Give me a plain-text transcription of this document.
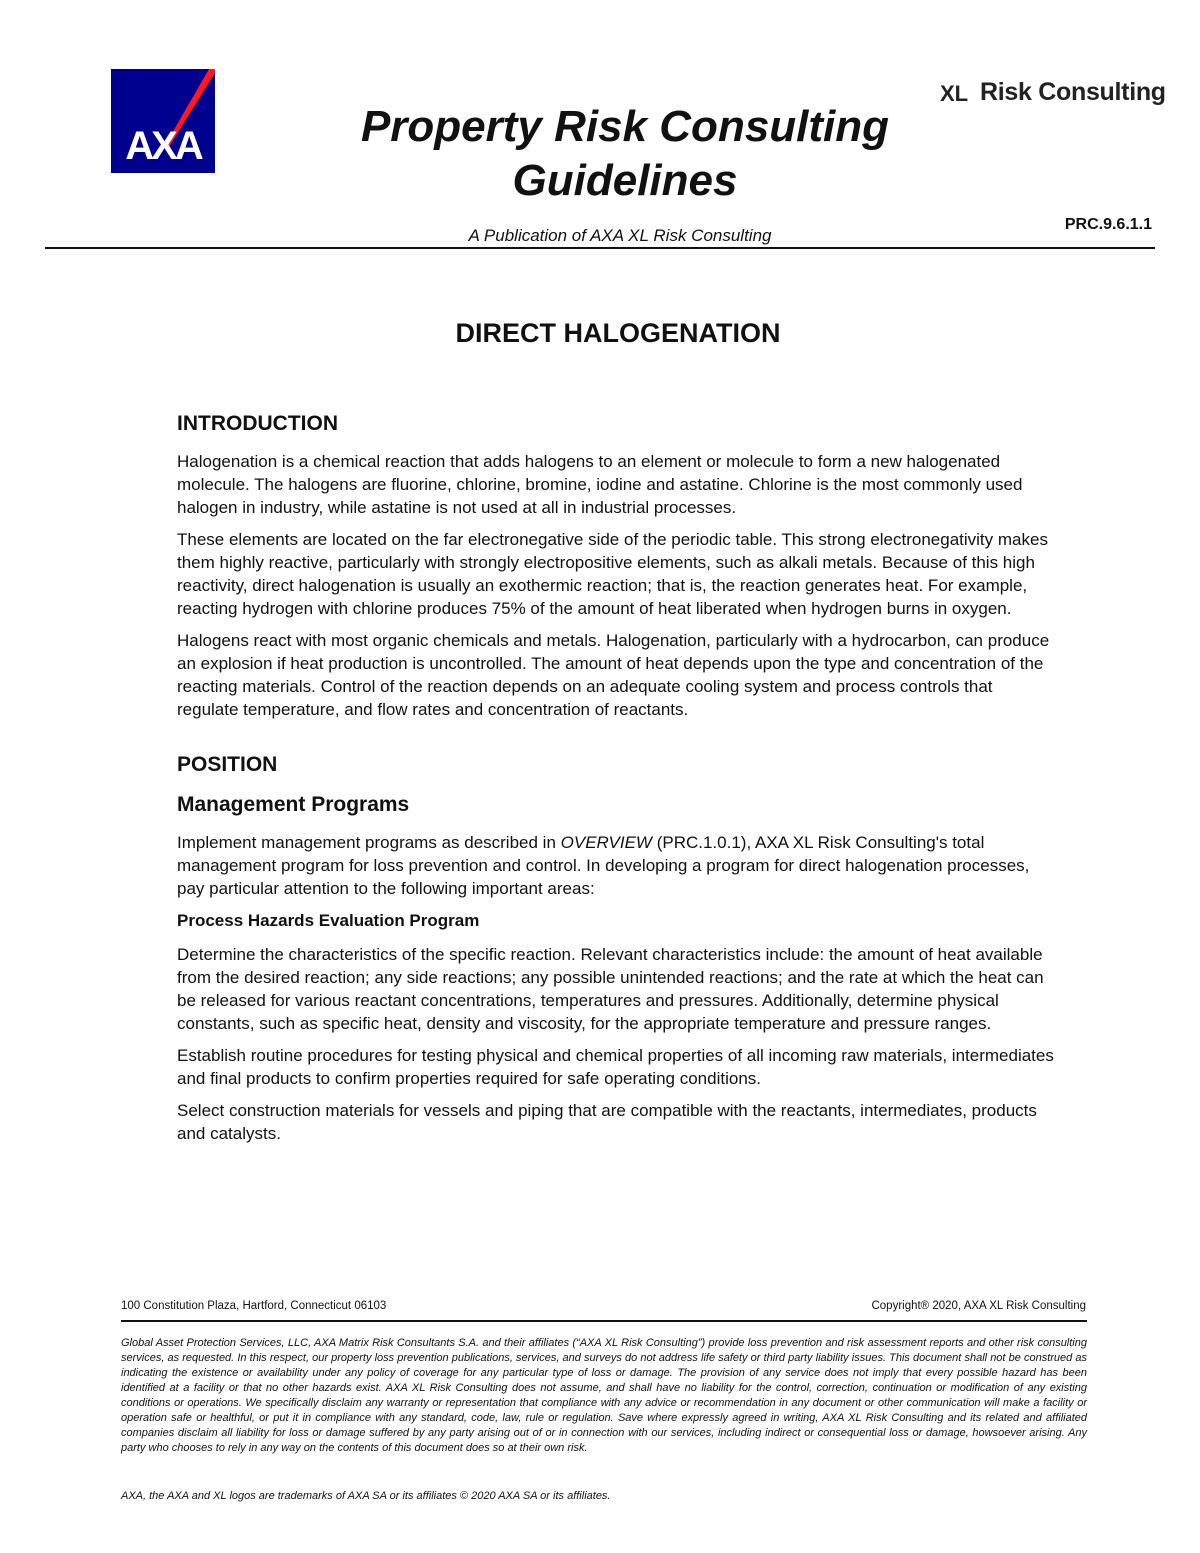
AXA
XL Risk Consulting
Property Risk Consulting
Guidelines
A Publication of AXA XL Risk Consulting
PRC.9.6.1.1
DIRECT HALOGENATION
INTRODUCTION

Halogenation is a chemical reaction that adds halogens to an element or molecule to form a new halogenated molecule. The halogens are fluorine, chlorine, bromine, iodine and astatine. Chlorine is the most commonly used halogen in industry, while astatine is not used at all in industrial processes.

These elements are located on the far electronegative side of the periodic table. This strong electronegativity makes them highly reactive, particularly with strongly electropositive elements, such as alkali metals. Because of this high reactivity, direct halogenation is usually an exothermic reaction; that is, the reaction generates heat. For example, reacting hydrogen with chlorine produces 75% of the amount of heat liberated when hydrogen burns in oxygen.

Halogens react with most organic chemicals and metals. Halogenation, particularly with a hydrocarbon, can produce an explosion if heat production is uncontrolled. The amount of heat depends upon the type and concentration of the reacting materials. Control of the reaction depends on an adequate cooling system and process controls that regulate temperature, and flow rates and concentration of reactants.

POSITION
Management Programs

Implement management programs as described in OVERVIEW (PRC.1.0.1), AXA XL Risk Consulting's total management program for loss prevention and control. In developing a program for direct halogenation processes, pay particular attention to the following important areas:

Process Hazards Evaluation Program

Determine the characteristics of the specific reaction. Relevant characteristics include: the amount of heat available from the desired reaction; any side reactions; any possible unintended reactions; and the rate at which the heat can be released for various reactant concentrations, temperatures and pressures. Additionally, determine physical constants, such as specific heat, density and viscosity, for the appropriate temperature and pressure ranges.

Establish routine procedures for testing physical and chemical properties of all incoming raw materials, intermediates and final products to confirm properties required for safe operating conditions.

Select construction materials for vessels and piping that are compatible with the reactants, intermediates, products and catalysts.

100 Constitution Plaza, Hartford, Connecticut 06103	Copyright® 2020, AXA XL Risk Consulting
Global Asset Protection Services, LLC, AXA Matrix Risk Consultants S.A. and their affiliates (“AXA XL Risk Consulting”) provide loss prevention and risk assessment reports and other risk consulting services, as requested. In this respect, our property loss prevention publications, services, and surveys do not address life safety or third party liability issues. This document shall not be construed as indicating the existence or availability under any policy of coverage for any particular type of loss or damage. The provision of any service does not imply that every possible hazard has been identified at a facility or that no other hazards exist. AXA XL Risk Consulting does not assume, and shall have no liability for the control, correction, continuation or modification of any existing conditions or operations. We specifically disclaim any warranty or representation that compliance with any advice or recommendation in any document or other communication will make a facility or operation safe or healthful, or put it in compliance with any standard, code, law, rule or regulation. Save where expressly agreed in writing, AXA XL Risk Consulting and its related and affiliated companies disclaim all liability for loss or damage suffered by any party arising out of or in connection with our services, including indirect or consequential loss or damage, howsoever arising. Any party who chooses to rely in any way on the contents of this document does so at their own risk.
AXA, the AXA and XL logos are trademarks of AXA SA or its affiliates © 2020 AXA SA or its affiliates.
